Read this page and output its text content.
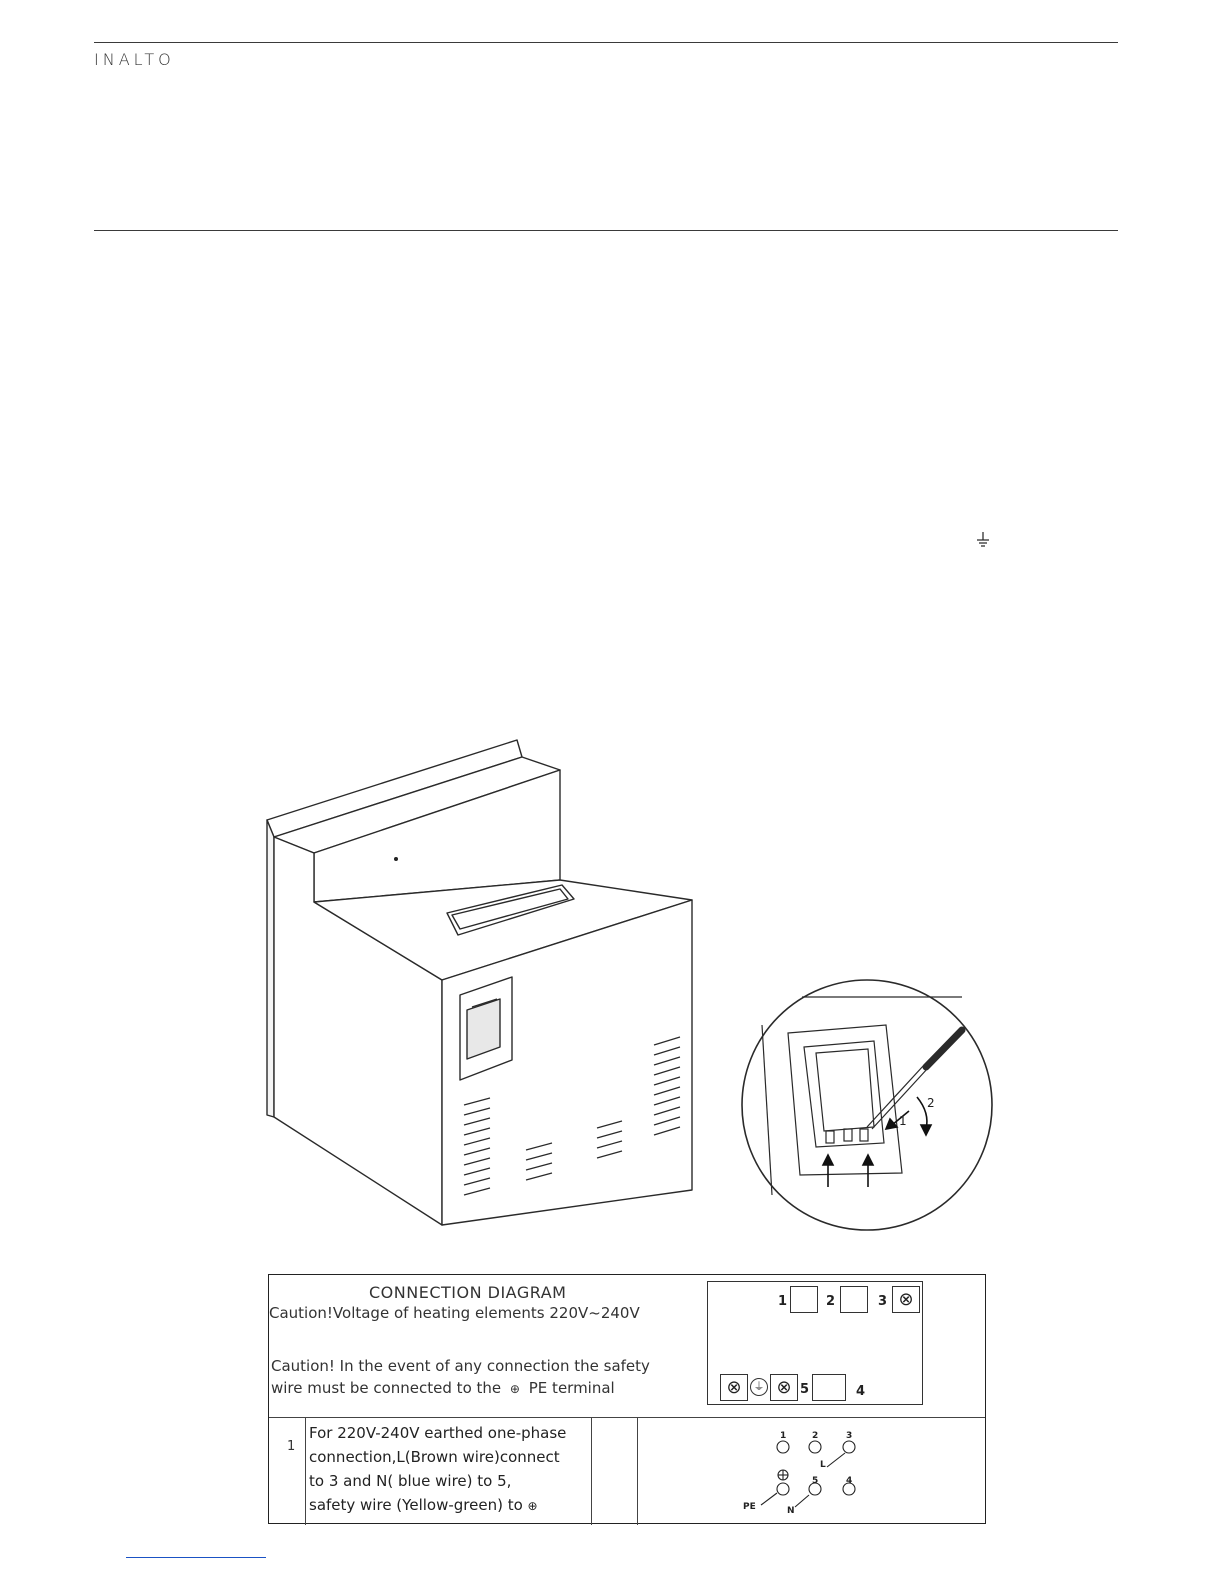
INALTO
1
2
CONNECTION DIAGRAM
Caution!Voltage of heating elements 220V~240V
Caution! In the event of any connection the safety
wire must be connected to the ⊕ PE terminal
1	2	3 ⊗
⊗	⏚ ⊗ 5	4
1
For 220V-240V earthed one-phase
connection,L(Brown wire)connect
to 3 and N( blue wire) to 5,
safety wire (Yellow-green) to ⊕
1	2	3
5	4
L
N
PE
